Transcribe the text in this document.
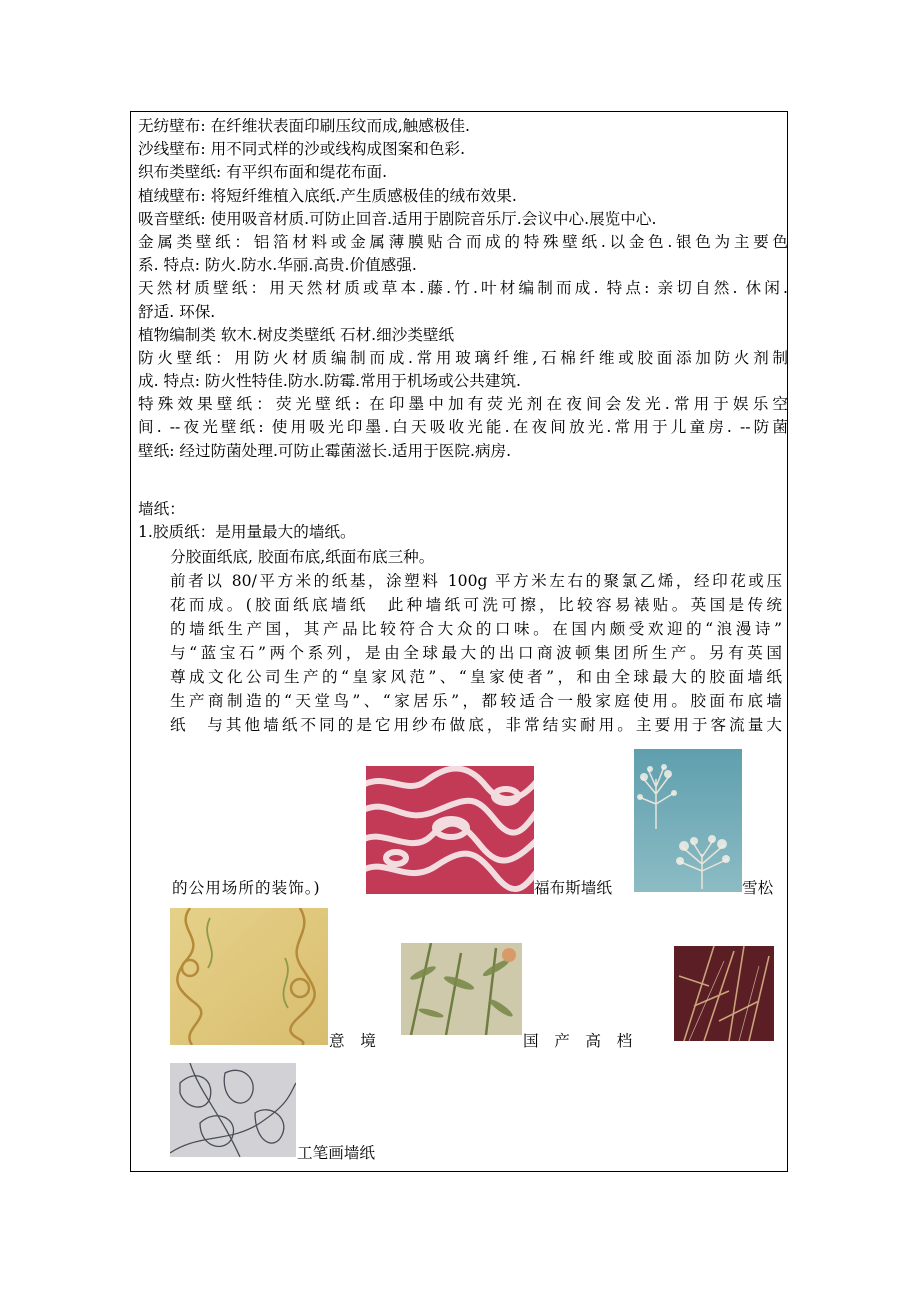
无纺壁布: 在纤维状表面印刷压纹而成,触感极佳.
沙线壁布: 用不同式样的沙或线构成图案和色彩.
织布类壁纸: 有平织布面和缇花布面.
植绒壁布: 将短纤维植入底纸.产生质感极佳的绒布效果.
吸音壁纸: 使用吸音材质.可防止回音.适用于剧院音乐厅.会议中心.展览中心.
金属类壁纸：铝箔材料或金属薄膜贴合而成的特殊壁纸.以金色.银色为主要色
系. 特点: 防火.防水.华丽.高贵.价值感强.
天然材质壁纸：用天然材质或草本.藤.竹.叶材编制而成. 特点: 亲切自然. 休闲.
舒适. 环保.
植物编制类 软木.树皮类壁纸 石材.细沙类壁纸
防火壁纸：用防火材质编制而成.常用玻璃纤维,石棉纤维或胶面添加防火剂制
成. 特点: 防火性特佳.防水.防霉.常用于机场或公共建筑.
特殊效果壁纸：荧光壁纸: 在印墨中加有荧光剂在夜间会发光.常用于娱乐空
间. --夜光壁纸: 使用吸光印墨.白天吸收光能.在夜间放光.常用于儿童房. --防菌
壁纸: 经过防菌处理.可防止霉菌滋长.适用于医院.病房.
墙纸：
1.胶质纸：是用量最大的墙纸。
分胶面纸底, 胶面布底,纸面布底三种。
前者以 80/平方米的纸基，涂塑料 100g 平方米左右的聚氯乙烯，经印花或压
花而成。(胶面纸底墙纸　此种墙纸可洗可擦，比较容易裱贴。英国是传统
的墙纸生产国，其产品比较符合大众的口味。在国内颇受欢迎的“浪漫诗”
与“蓝宝石”两个系列，是由全球最大的出口商波顿集团所生产。另有英国
尊成文化公司生产的“皇家风范”、“皇家使者”，和由全球最大的胶面墙纸
生产商制造的“天堂鸟”、“家居乐”，都较适合一般家庭使用。胶面布底墙
纸　与其他墙纸不同的是它用纱布做底，非常结实耐用。主要用于客流量大
的公用场所的装饰。)	福布斯墙纸	雪松
意　境	国　产　高　档
工笔画墙纸
